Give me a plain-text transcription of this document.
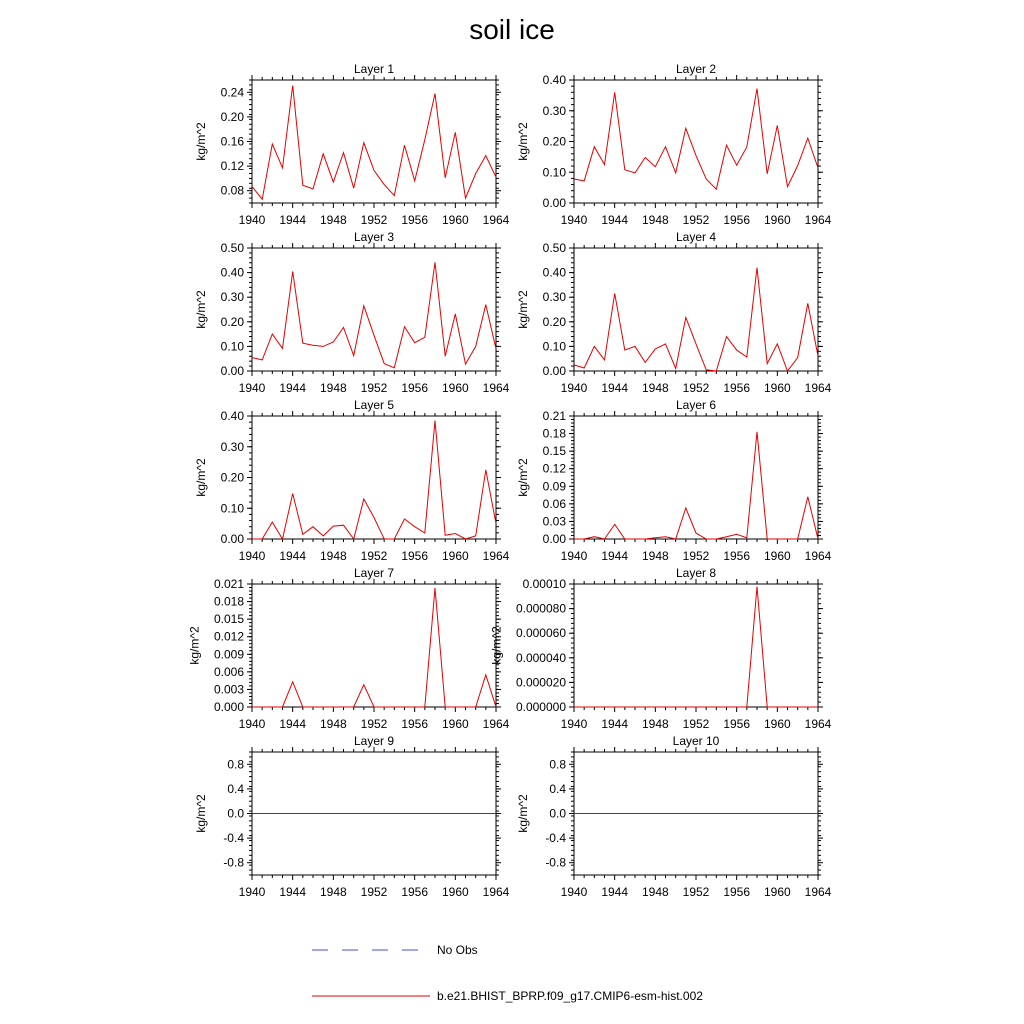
soil ice
Layer 1
1940 1944 1948 1952 1956 1960 1964
0.08
0.12
0.16
0.20
0.24
kg/m^2
Layer 2
1940 1944 1948 1952 1956 1960 1964
0.00
0.10
0.20
0.30
0.40
kg/m^2
Layer 3
1940 1944 1948 1952 1956 1960 1964
0.00
0.10
0.20
0.30
0.40
0.50
kg/m^2
Layer 4
1940 1944 1948 1952 1956 1960 1964
0.00
0.10
0.20
0.30
0.40
0.50
kg/m^2
Layer 5
1940 1944 1948 1952 1956 1960 1964
0.00
0.10
0.20
0.30
0.40
kg/m^2
Layer 6
1940 1944 1948 1952 1956 1960 1964
0.00
0.03
0.06
0.09
0.12
0.15
0.18
0.21
kg/m^2
Layer 7
1940 1944 1948 1952 1956 1960 1964
0.000
0.003
0.006
0.009
0.012
0.015
0.018
0.021
kg/m^2
Layer 8
1940 1944 1948 1952 1956 1960 1964
0.000000
0.000020
0.000040
0.000060
0.000080
0.00010
kg/m^2
Layer 9
1940 1944 1948 1952 1956 1960 1964
-0.8
-0.4
0.0
0.4
0.8
kg/m^2
Layer 10
1940 1944 1948 1952 1956 1960 1964
-0.8
-0.4
0.0
0.4
0.8
kg/m^2
No Obs
b.e21.BHIST_BPRP.f09_g17.CMIP6-esm-hist.002
